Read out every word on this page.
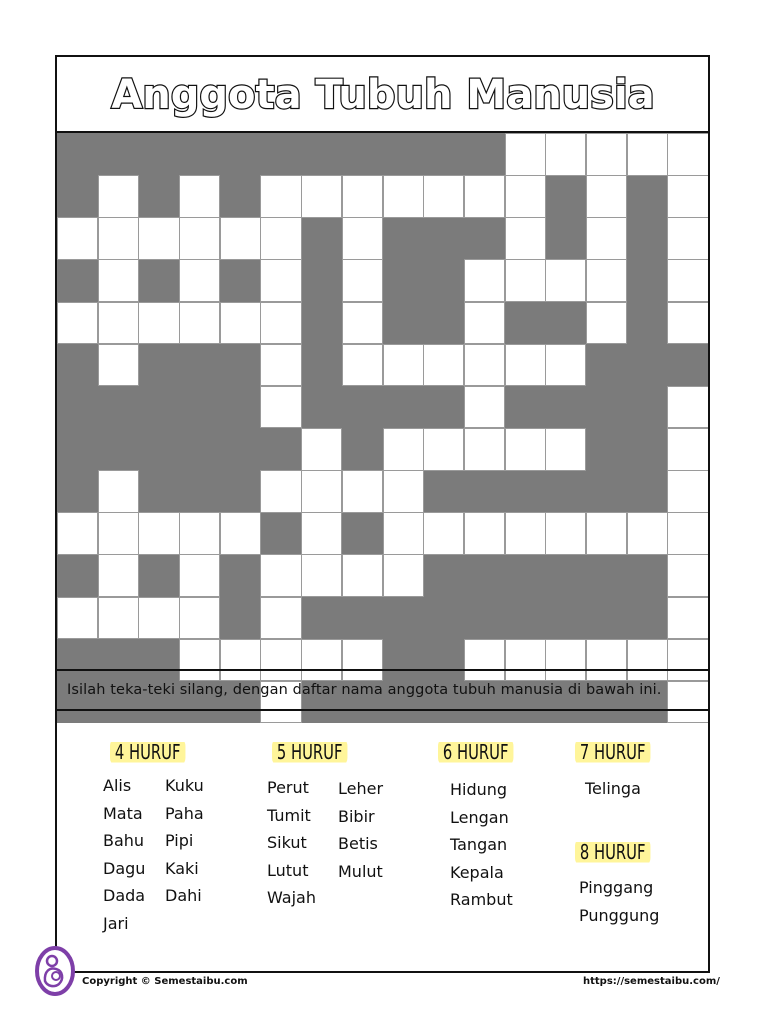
Anggota Tubuh Manusia
Isilah teka-teki silang, dengan daftar nama anggota tubuh manusia di bawah ini.
4 HURUF
Alis
Mata
Bahu
Dagu
Dada
Jari
Kuku
Paha
Pipi
Kaki
Dahi
5 HURUF
Perut
Tumit
Sikut
Lutut
Wajah
Leher
Bibir
Betis
Mulut
6 HURUF
Hidung
Lengan
Tangan
Kepala
Rambut
7 HURUF
Telinga
8 HURUF
Pinggang
Punggung
Copyright © Semestaibu.com	https://semestaibu.com/
